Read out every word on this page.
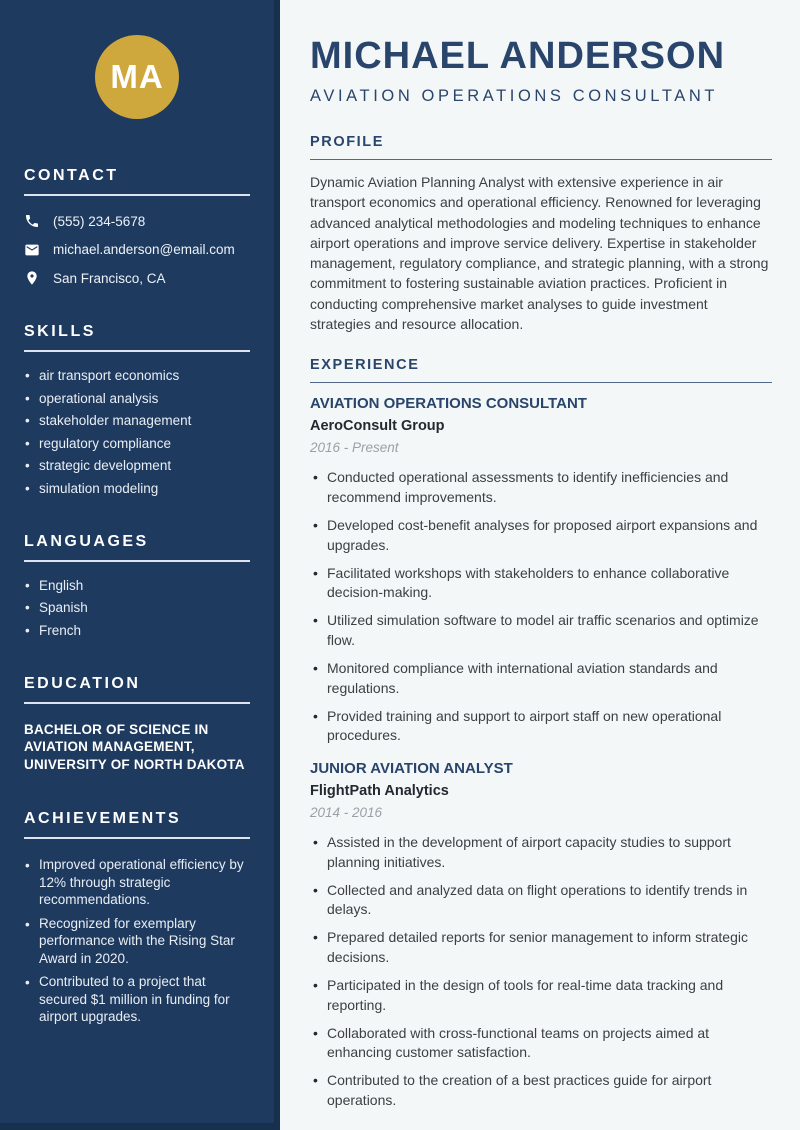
MA
CONTACT
(555) 234-5678
michael.anderson@email.com
San Francisco, CA
SKILLS
• air transport economics
• operational analysis
• stakeholder management
• regulatory compliance
• strategic development
• simulation modeling
LANGUAGES
• English
• Spanish
• French
EDUCATION
BACHELOR OF SCIENCE IN AVIATION MANAGEMENT, UNIVERSITY OF NORTH DAKOTA
ACHIEVEMENTS
• Improved operational efficiency by 12% through strategic recommendations.
• Recognized for exemplary performance with the Rising Star Award in 2020.
• Contributed to a project that secured $1 million in funding for airport upgrades.
MICHAEL ANDERSON
AVIATION OPERATIONS CONSULTANT
PROFILE

Dynamic Aviation Planning Analyst with extensive experience in air transport economics and operational efficiency. Renowned for leveraging advanced analytical methodologies and modeling techniques to enhance airport operations and improve service delivery. Expertise in stakeholder management, regulatory compliance, and strategic planning, with a strong commitment to fostering sustainable aviation practices. Proficient in conducting comprehensive market analyses to guide investment strategies and resource allocation.

EXPERIENCE
AVIATION OPERATIONS CONSULTANT
AeroConsult Group
2016 - Present
• Conducted operational assessments to identify inefficiencies and recommend improvements.
• Developed cost-benefit analyses for proposed airport expansions and upgrades.
• Facilitated workshops with stakeholders to enhance collaborative decision-making.
• Utilized simulation software to model air traffic scenarios and optimize flow.
• Monitored compliance with international aviation standards and regulations.
• Provided training and support to airport staff on new operational procedures.
JUNIOR AVIATION ANALYST
FlightPath Analytics
2014 - 2016
• Assisted in the development of airport capacity studies to support planning initiatives.
• Collected and analyzed data on flight operations to identify trends in delays.
• Prepared detailed reports for senior management to inform strategic decisions.
• Participated in the design of tools for real-time data tracking and reporting.
• Collaborated with cross-functional teams on projects aimed at enhancing customer satisfaction.
• Contributed to the creation of a best practices guide for airport operations.
